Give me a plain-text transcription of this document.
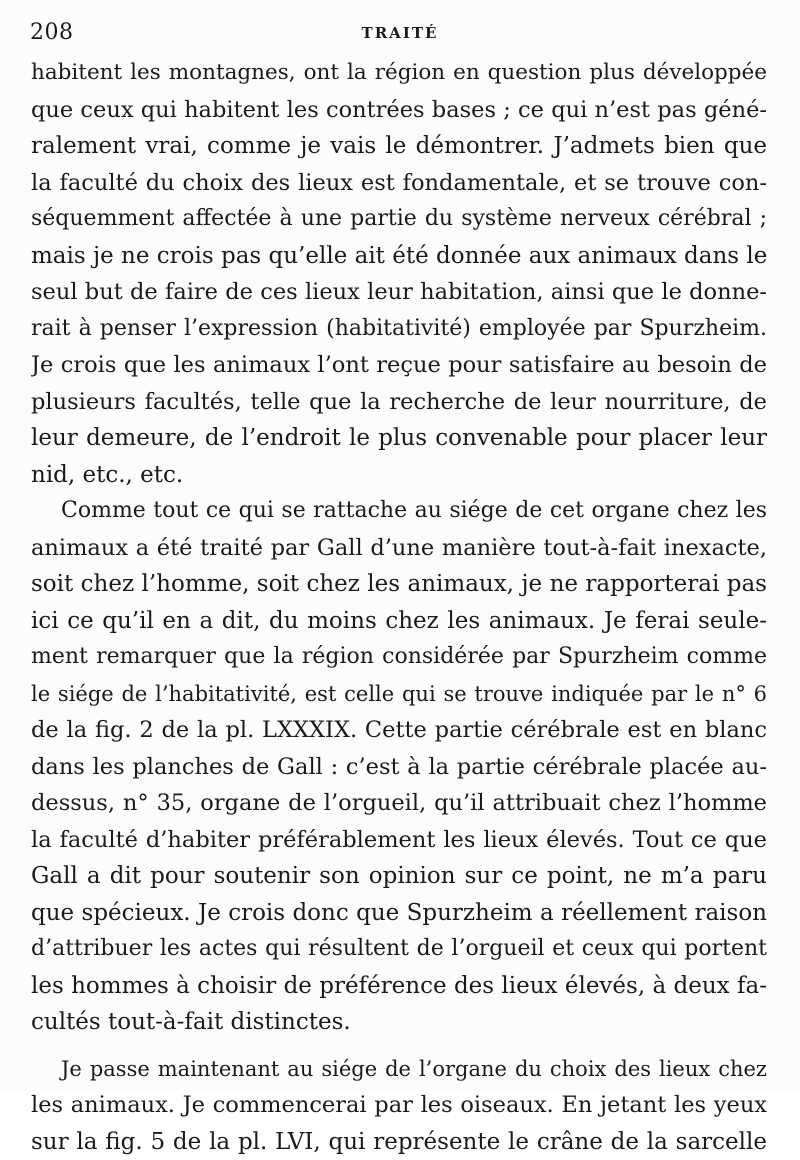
208	TRAITÉ
habitent les montagnes, ont la région en question plus développée
que ceux qui habitent les contrées bases ; ce qui n’est pas géné-
ralement vrai, comme je vais le démontrer. J’admets bien que
la faculté du choix des lieux est fondamentale, et se trouve con-
séquemment affectée à une partie du système nerveux cérébral ;
mais je ne crois pas qu’elle ait été donnée aux animaux dans le
seul but de faire de ces lieux leur habitation, ainsi que le donne-
rait à penser l’expression (habitativité) employée par Spurzheim.
Je crois que les animaux l’ont reçue pour satisfaire au besoin de
plusieurs facultés, telle que la recherche de leur nourriture, de
leur demeure, de l’endroit le plus convenable pour placer leur
nid, etc., etc.
Comme tout ce qui se rattache au siége de cet organe chez les
animaux a été traité par Gall d’une manière tout-à-fait inexacte,
soit chez l’homme, soit chez les animaux, je ne rapporterai pas
ici ce qu’il en a dit, du moins chez les animaux. Je ferai seule-
ment remarquer que la région considérée par Spurzheim comme
le siége de l’habitativité, est celle qui se trouve indiquée par le n° 6
de la fig. 2 de la pl. LXXXIX. Cette partie cérébrale est en blanc
dans les planches de Gall : c’est à la partie cérébrale placée au-
dessus, n° 35, organe de l’orgueil, qu’il attribuait chez l’homme
la faculté d’habiter préférablement les lieux élevés. Tout ce que
Gall a dit pour soutenir son opinion sur ce point, ne m’a paru
que spécieux. Je crois donc que Spurzheim a réellement raison
d’attribuer les actes qui résultent de l’orgueil et ceux qui portent
les hommes à choisir de préférence des lieux élevés, à deux fa-
cultés tout-à-fait distinctes.
Je passe maintenant au siége de l’organe du choix des lieux chez
les animaux. Je commencerai par les oiseaux. En jetant les yeux
sur la fig. 5 de la pl. LVI, qui représente le crâne de la sarcelle
